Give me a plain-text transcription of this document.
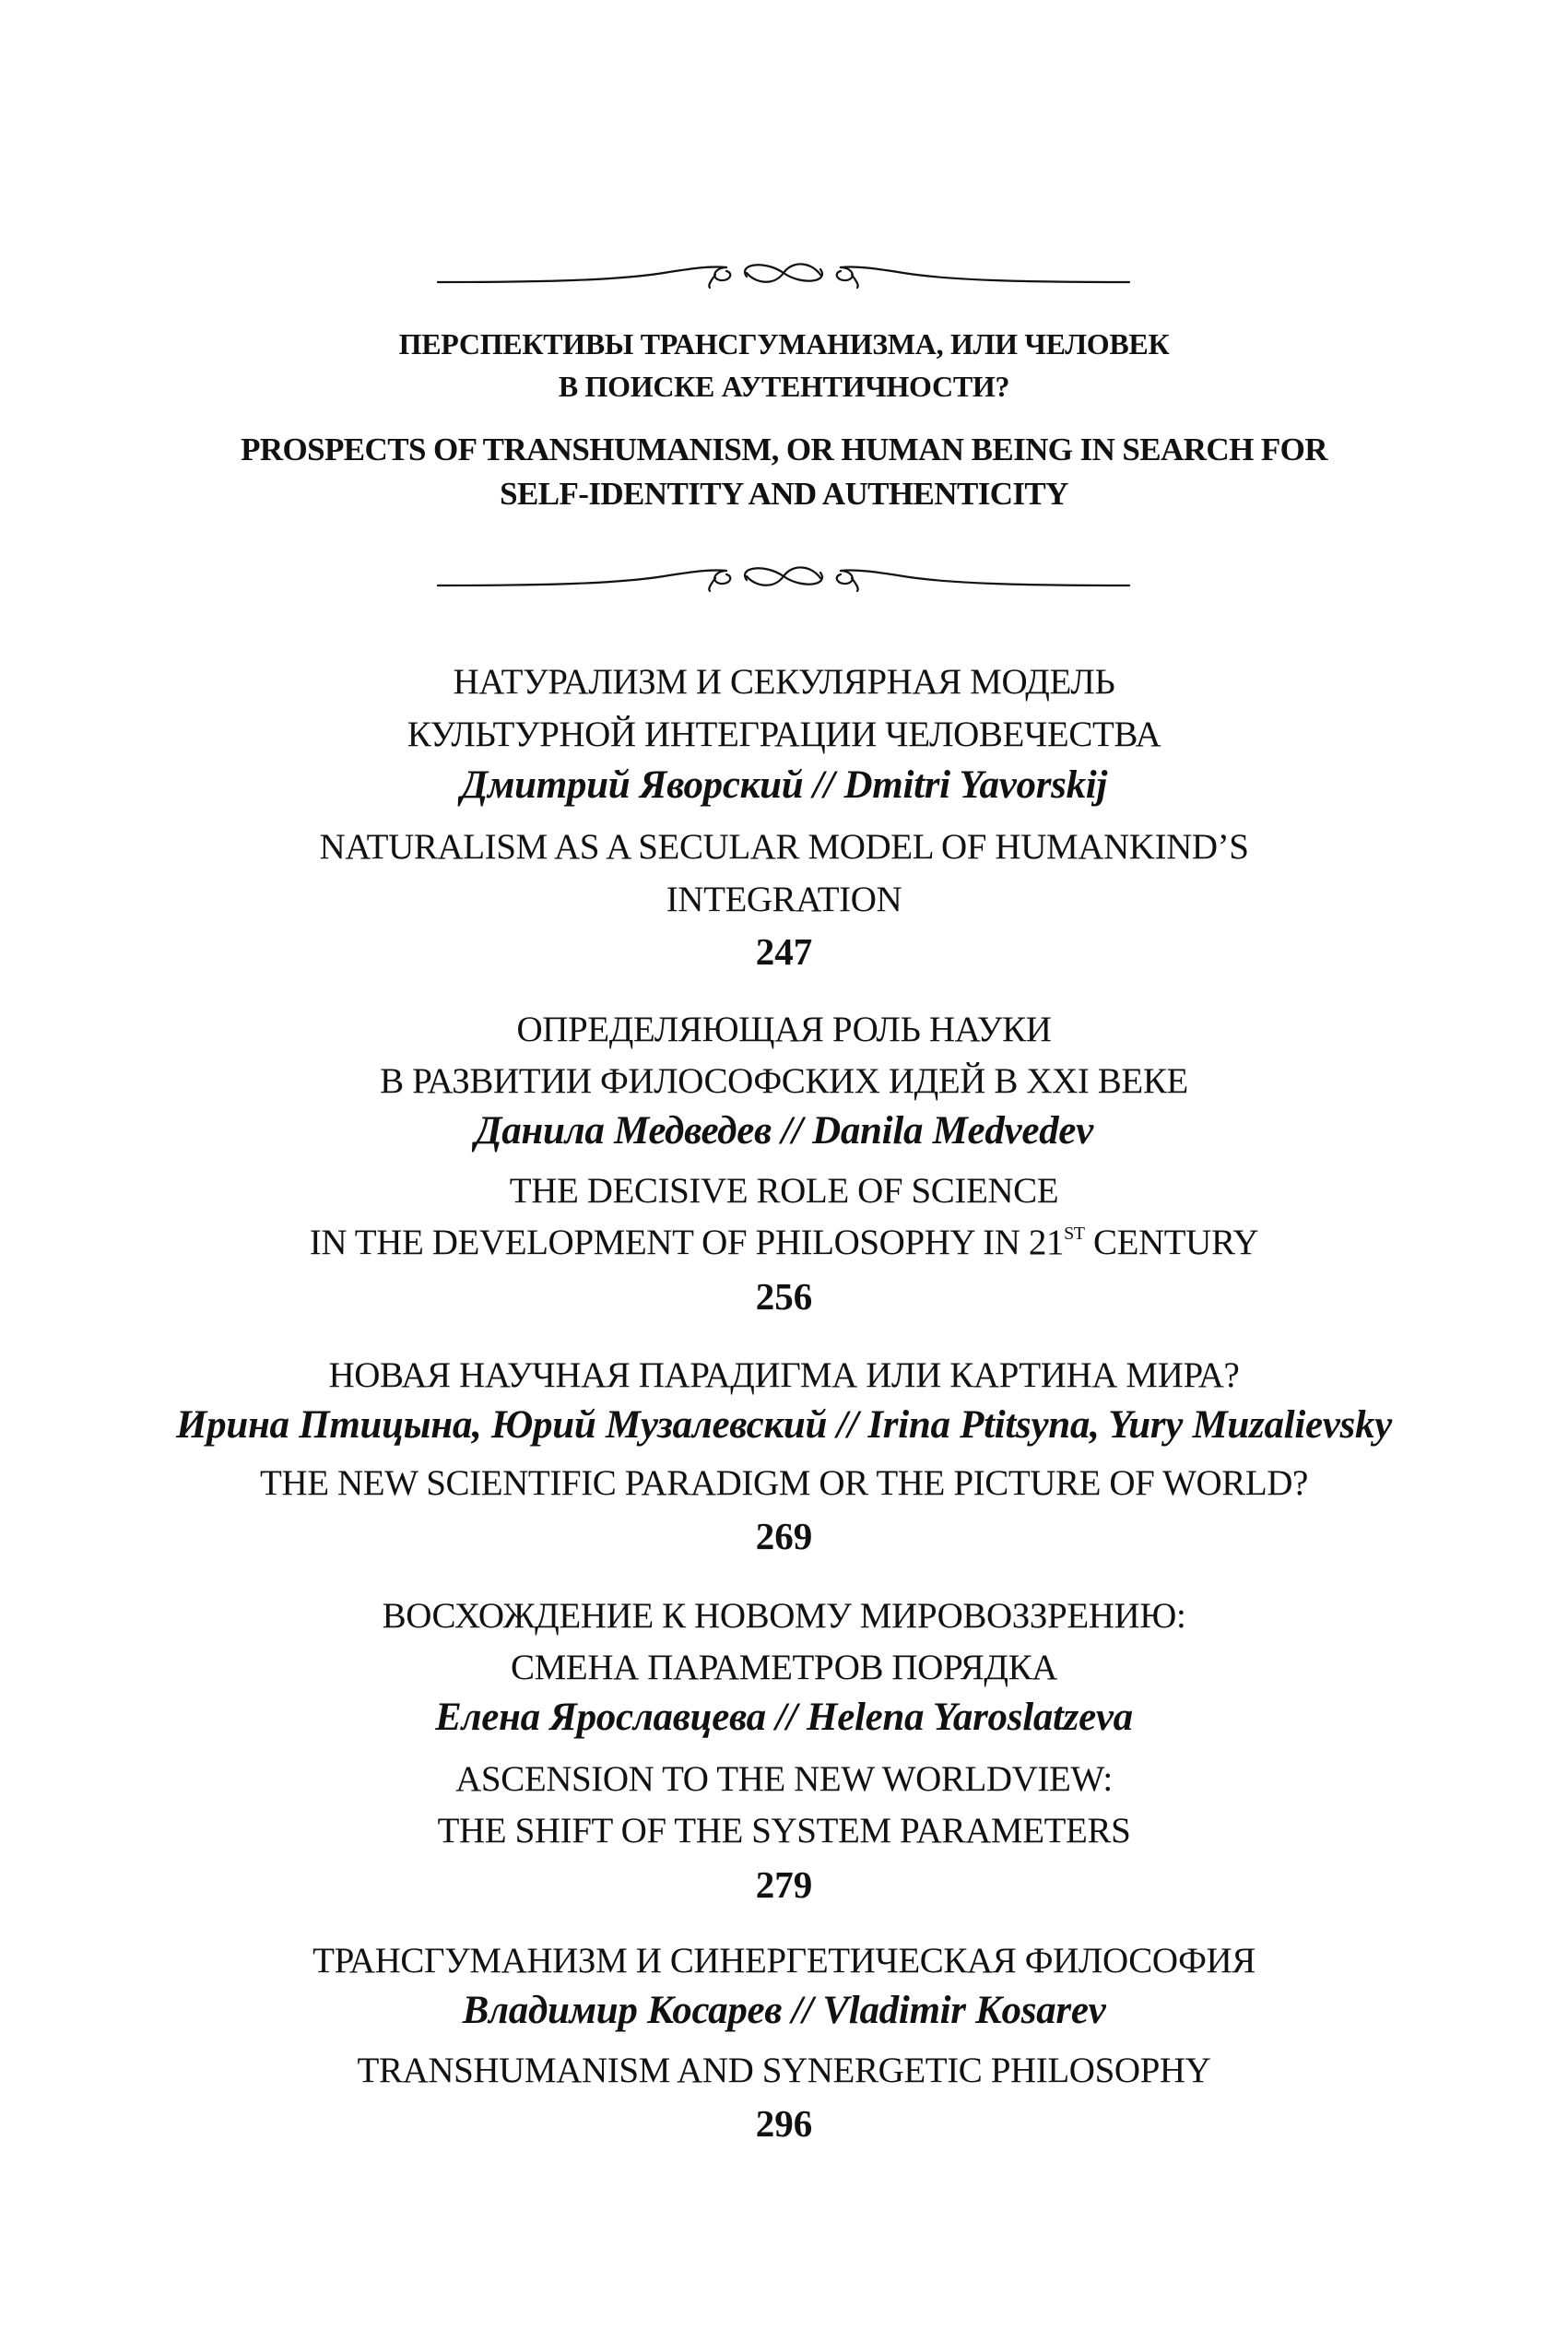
ПЕРСПЕКТИВЫ ТРАНСГУМАНИЗМА, ИЛИ ЧЕЛОВЕК
В ПОИСКЕ АУТЕНТИЧНОСТИ?
PROSPECTS OF TRANSHUMANISM, OR HUMAN BEING IN SEARCH FOR
SELF-IDENTITY AND AUTHENTICITY
НАТУРАЛИЗМ И СЕКУЛЯРНАЯ МОДЕЛЬ
КУЛЬТУРНОЙ ИНТЕГРАЦИИ ЧЕЛОВЕЧЕСТВА
Дмитрий Яворский // Dmitri Yavorskij
NATURALISM AS A SECULAR MODEL OF HUMANKIND’S
INTEGRATION
247
ОПРЕДЕЛЯЮЩАЯ РОЛЬ НАУКИ
В РАЗВИТИИ ФИЛОСОФСКИХ ИДЕЙ В XXI ВЕКЕ
Данила Медведев // Danila Medvedev
THE DECISIVE ROLE OF SCIENCE
IN THE DEVELOPMENT OF PHILOSOPHY IN 21ST CENTURY
256
НОВАЯ НАУЧНАЯ ПАРАДИГМА ИЛИ КАРТИНА МИРА?
Ирина Птицына, Юрий Музалевский // Irina Ptitsyna, Yury Muzalievsky
THE NEW SCIENTIFIC PARADIGM OR THE PICTURE OF WORLD?
269
ВОСХОЖДЕНИЕ К НОВОМУ МИРОВОЗЗРЕНИЮ:
СМЕНА ПАРАМЕТРОВ ПОРЯДКА
Елена Ярославцева // Helena Yaroslatzeva
ASCENSION TO THE NEW WORLDVIEW:
THE SHIFT OF THE SYSTEM PARAMETERS
279
ТРАНСГУМАНИЗМ И СИНЕРГЕТИЧЕСКАЯ ФИЛОСОФИЯ
Владимир Косарев // Vladimir Kosarev
TRANSHUMANISM AND SYNERGETIC PHILOSOPHY
296
